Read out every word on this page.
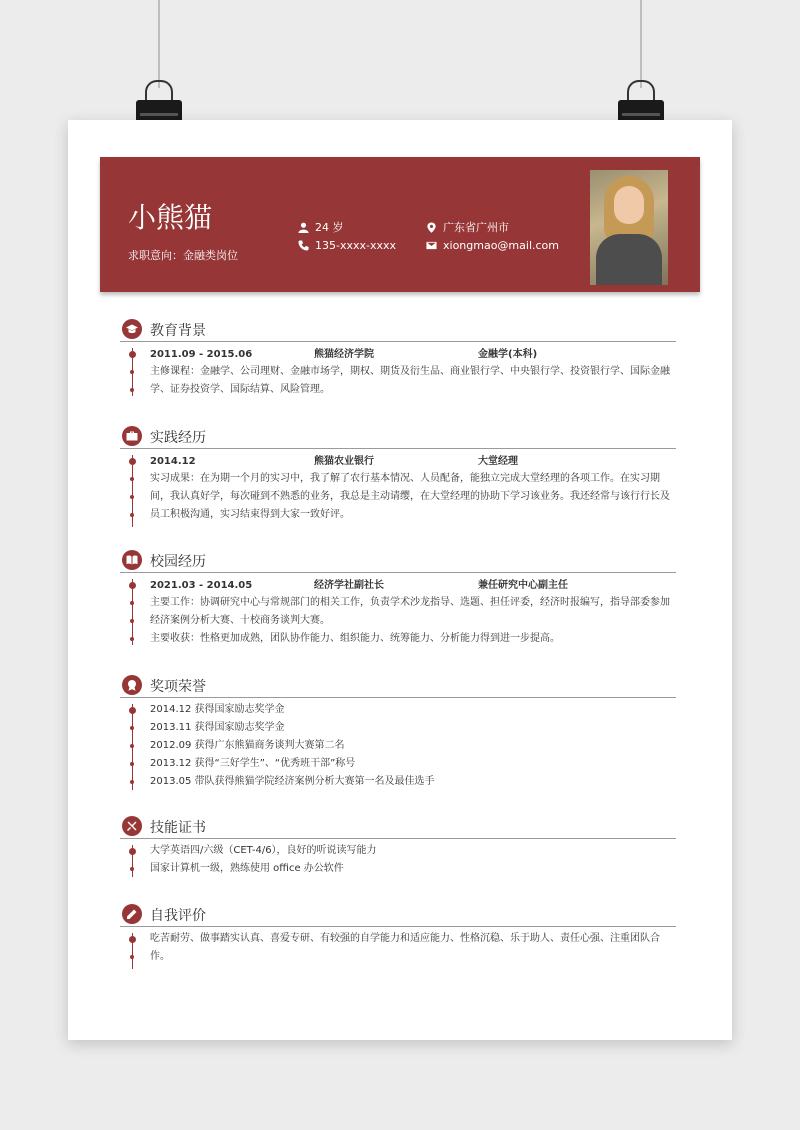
小熊猫
求职意向：金融类岗位
24 岁
135-xxxx-xxxx
广东省广州市
xiongmao@mail.com
教育背景
2011.09 - 2015.06	熊猫经济学院	金融学(本科)
主修课程：金融学、公司理财、金融市场学，期权、期货及衍生品、商业银行学、中央银行学、投资银行学、国际金融学、证券投资学、国际结算、风险管理。
实践经历
2014.12	熊猫农业银行	大堂经理
实习成果：在为期一个月的实习中，我了解了农行基本情况、人员配备，能独立完成大堂经理的各项工作。在实习期间，我认真好学，每次碰到不熟悉的业务，我总是主动请缨，在大堂经理的协助下学习该业务。我还经常与该行行长及员工积极沟通，实习结束得到大家一致好评。
校园经历
2021.03 - 2014.05	经济学社副社长	兼任研究中心副主任
主要工作：协调研究中心与常规部门的相关工作，负责学术沙龙指导、选题、担任评委，经济时报编写，指导部委参加经济案例分析大赛、十校商务谈判大赛。
主要收获：性格更加成熟，团队协作能力、组织能力、统筹能力、分析能力得到进一步提高。
奖项荣誉
2014.12 获得国家励志奖学金
2013.11 获得国家励志奖学金
2012.09 获得广东熊猫商务谈判大赛第二名
2013.12 获得“三好学生”、“优秀班干部”称号
2013.05 带队获得熊猫学院经济案例分析大赛第一名及最佳选手
技能证书
大学英语四/六级（CET-4/6），良好的听说读写能力
国家计算机一级，熟练使用 office 办公软件
自我评价
吃苦耐劳、做事踏实认真、喜爱专研、有较强的自学能力和适应能力、性格沉稳、乐于助人、责任心强、注重团队合作。
